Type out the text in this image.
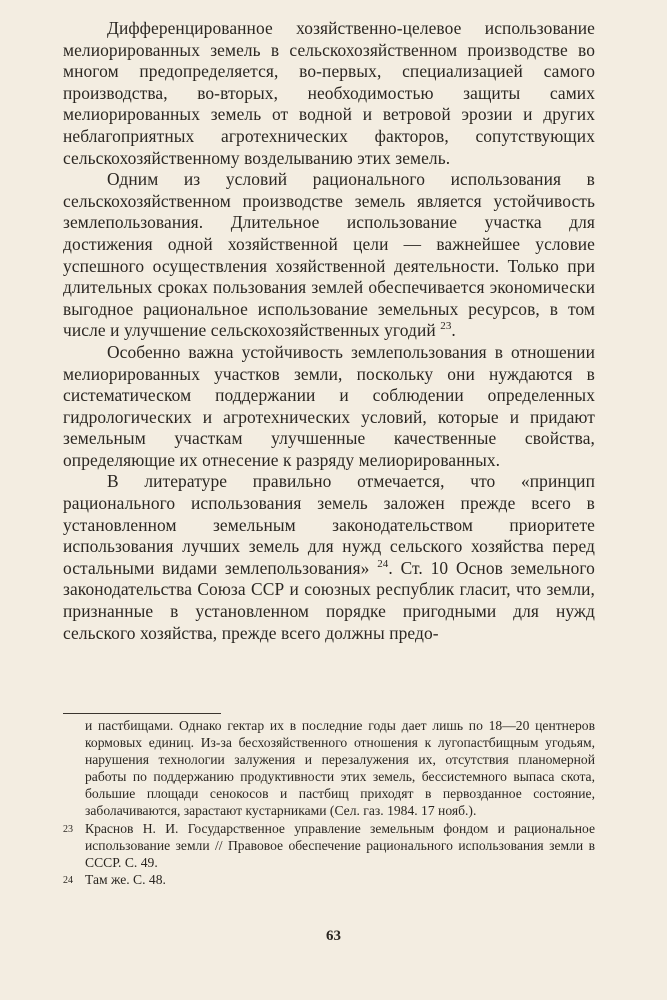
Дифференцированное хозяйственно-целевое использование мелиорированных земель в сельскохозяйственном производстве во многом предопределяется, во-первых, специализацией самого производства, во-вторых, необходимостью защиты самих мелиорированных земель от водной и ветровой эрозии и других неблагоприятных агротехнических факторов, сопутствующих сельскохозяйственному возделыванию этих земель.

Одним из условий рационального использования в сельскохозяйственном производстве земель является устойчивость землепользования. Длительное использование участка для достижения одной хозяйственной цели — важнейшее условие успешного осуществления хозяйственной деятельности. Только при длительных сроках пользования землей обеспечивается экономически выгодное рациональное использование земельных ресурсов, в том числе и улучшение сельскохозяйственных угодий $^{23}$.

Особенно важна устойчивость землепользования в отношении мелиорированных участков земли, поскольку они нуждаются в систематическом поддержании и соблюдении определенных гидрологических и агротехнических условий, которые и придают земельным участкам улучшенные качественные свойства, определяющие их отнесение к разряду мелиорированных.

В литературе правильно отмечается, что «принцип рационального использования земель заложен прежде всего в установленном земельным законодательством приоритете использования лучших земель для нужд сельского хозяйства перед остальными видами землепользования» $^{24}$. Ст. 10 Основ земельного законодательства Союза ССР и союзных республик гласит, что земли, признанные в установленном порядке пригодными для нужд сельского хозяйства, прежде всего должны предо-

и пастбищами. Однако гектар их в последние годы дает лишь по 18—20 центнеров кормовых единиц. Из-за бесхозяйственного отношения к лугопастбищным угодьям, нарушения технологии залужения и перезалужения их, отсутствия планомерной работы по поддержанию продуктивности этих земель, бессистемного выпаса скота, большие площади сенокосов и пастбищ приходят в первозданное состояние, заболачиваются, зарастают кустарниками (Сел. газ. 1984. 17 нояб.).

23 Краснов Н. И. Государственное управление земельным фондом и рациональное использование земли // Правовое обеспечение рационального использования земли в СССР. С. 49.

24 Там же. С. 48.

63
